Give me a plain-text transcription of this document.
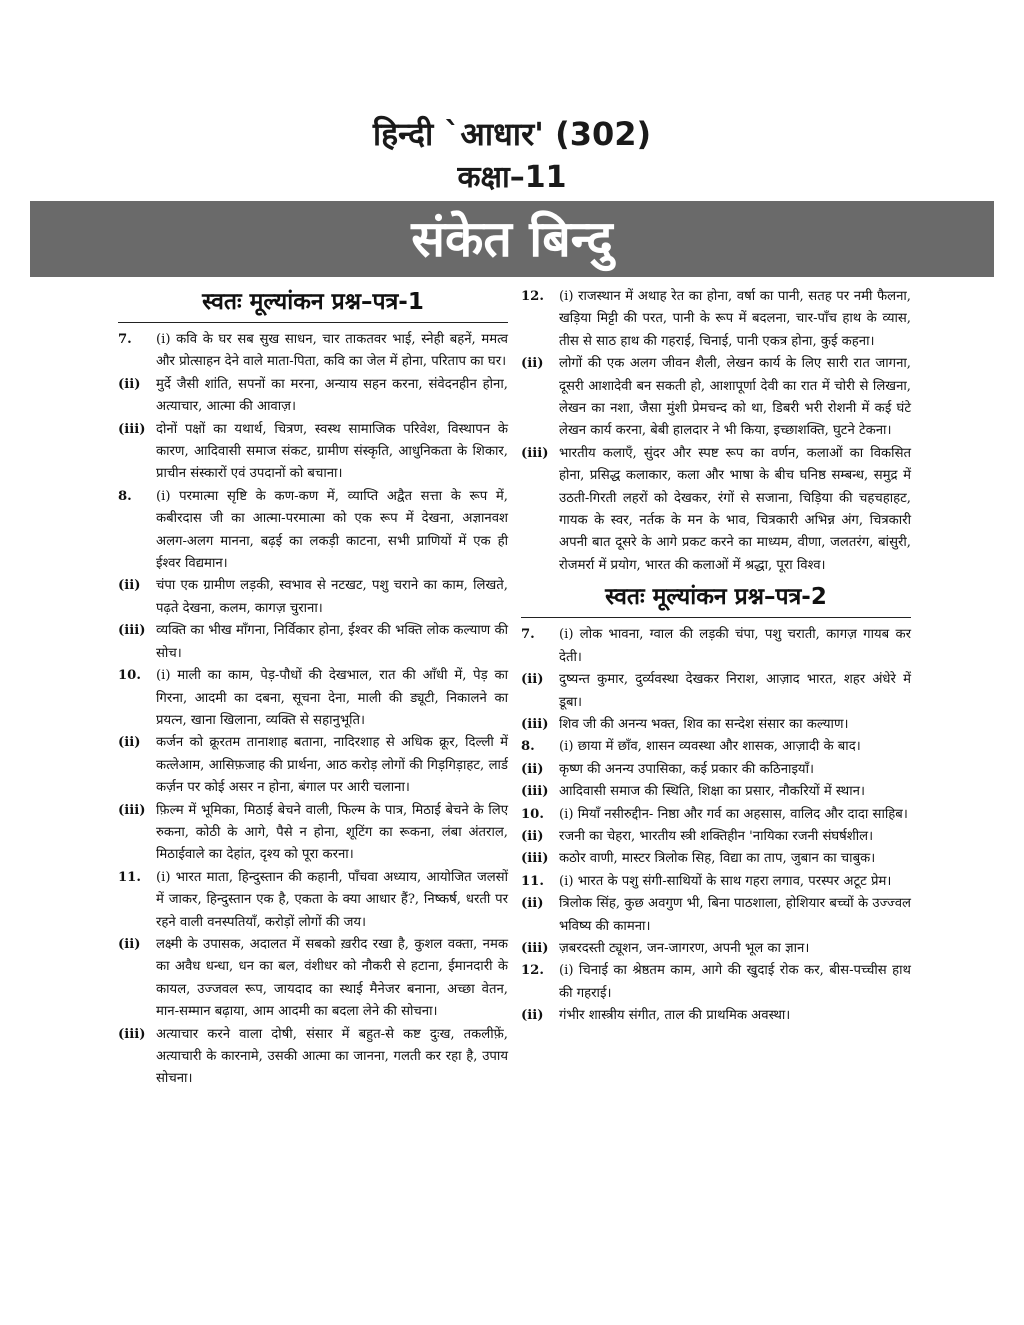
हिन्दी `आधार' (302)
कक्षा–11
संकेत बिन्दु
स्वतः मूल्यांकन प्रश्न–पत्र-1
7.	(i) कवि के घर सब सुख साधन, चार ताकतवर भाई, स्नेही बहनें, ममत्व और प्रोत्साहन देने वाले माता-पिता, कवि का जेल में होना, परिताप का घर।
(ii)	मुर्दे जैसी शांति, सपनों का मरना, अन्याय सहन करना, संवेदनहीन होना, अत्याचार, आत्मा की आवाज़।
(iii) दोनों पक्षों का यथार्थ, चित्रण, स्वस्थ सामाजिक परिवेश, विस्थापन के कारण, आदिवासी समाज संकट, ग्रामीण संस्कृति, आधुनिकता के शिकार, प्राचीन संस्कारों एवं उपदानों को बचाना।
8.	(i) परमात्मा सृष्टि के कण-कण में, व्याप्ति अद्वैत सत्ता के रूप में, कबीरदास जी का आत्मा-परमात्मा को एक रूप में देखना, अज्ञानवश अलग-अलग मानना, बढ़ई का लकड़ी काटना, सभी प्राणियों में एक ही ईश्वर विद्यमान।
(ii)	चंपा एक ग्रामीण लड़की, स्वभाव से नटखट, पशु चराने का काम, लिखते, पढ़ते देखना, कलम, कागज़ चुराना।
(iii) व्यक्ति का भीख माँगना, निर्विकार होना, ईश्वर की भक्ति लोक कल्याण की सोच।
10.	(i) माली का काम, पेड़-पौधों की देखभाल, रात की आँधी में, पेड़ का गिरना, आदमी का दबना, सूचना देना, माली की ड्यूटी, निकालने का प्रयत्न, खाना खिलाना, व्यक्ति से सहानुभूति।
(ii)	कर्जन को क्रूरतम तानाशाह बताना, नादिरशाह से अधिक क्रूर, दिल्ली में कत्लेआम, आसिफ़जाह की प्रार्थना, आठ करोड़ लोगों की गिड़गिड़ाहट, लार्ड कर्ज़न पर कोई असर न होना, बंगाल पर आरी चलाना।
(iii) फ़िल्म में भूमिका, मिठाई बेचने वाली, फिल्म के पात्र, मिठाई बेचने के लिए रुकना, कोठी के आगे, पैसे न होना, शूटिंग का रूकना, लंबा अंतराल, मिठाईवाले का देहांत, दृश्य को पूरा करना।
11.	(i) भारत माता, हिन्दुस्तान की कहानी, पाँचवा अध्याय, आयोजित जलसों में जाकर, हिन्दुस्तान एक है, एकता के क्या आधार हैं?, निष्कर्ष, धरती पर रहने वाली वनस्पतियाँ, करोड़ों लोगों की जय।
(ii)	लक्ष्मी के उपासक, अदालत में सबको ख़रीद रखा है, कुशल वक्ता, नमक का अवैध धन्धा, धन का बल, वंशीधर को नौकरी से हटाना, ईमानदारी के कायल, उज्जवल रूप, जायदाद का स्थाई मैनेजर बनाना, अच्छा वेतन, मान-सम्मान बढ़ाया, आम आदमी का बदला लेने की सोचना।
(iii) अत्याचार करने वाला दोषी, संसार में बहुत-से कष्ट दुःख, तकलीफ़ें, अत्याचारी के कारनामे, उसकी आत्मा का जानना, गलती कर रहा है, उपाय सोचना।
12.	(i) राजस्थान में अथाह रेत का होना, वर्षा का पानी, सतह पर नमी फैलना, खड़िया मिट्टी की परत, पानी के रूप में बदलना, चार-पाँच हाथ के व्यास, तीस से साठ हाथ की गहराई, चिनाई, पानी एकत्र होना, कुई कहना।
(ii)	लोगों की एक अलग जीवन शैली, लेखन कार्य के लिए सारी रात जागना, दूसरी आशादेवी बन सकती हो, आशापूर्णा देवी का रात में चोरी से लिखना, लेखन का नशा, जैसा मुंशी प्रेमचन्द को था, डिबरी भरी रोशनी में कई घंटे लेखन कार्य करना, बेबी हालदार ने भी किया, इच्छाशक्ति, घुटने टेकना।
(iii) भारतीय कलाएँ, सुंदर और स्पष्ट रूप का वर्णन, कलाओं का विकसित होना, प्रसिद्ध कलाकार, कला और भाषा के बीच घनिष्ठ सम्बन्ध, समुद्र में उठती-गिरती लहरों को देखकर, रंगों से सजाना, चिड़िया की चहचहाहट, गायक के स्वर, नर्तक के मन के भाव, चित्रकारी अभिन्न अंग, चित्रकारी अपनी बात दूसरे के आगे प्रकट करने का माध्यम, वीणा, जलतरंग, बांसुरी, रोजमर्रा में प्रयोग, भारत की कलाओं में श्रद्धा, पूरा विश्व।
स्वतः मूल्यांकन प्रश्न–पत्र-2
7.	(i) लोक भावना, ग्वाल की लड़की चंपा, पशु चराती, कागज़ गायब कर देती।
(ii)	दुष्यन्त कुमार, दुर्व्यवस्था देखकर निराश, आज़ाद भारत, शहर अंधेरे में डूबा।
(iii) शिव जी की अनन्य भक्त, शिव का सन्देश संसार का कल्याण।
8.	(i) छाया में छाँव, शासन व्यवस्था और शासक, आज़ादी के बाद।
(ii)	कृष्ण की अनन्य उपासिका, कई प्रकार की कठिनाइयाँ।
(iii) आदिवासी समाज की स्थिति, शिक्षा का प्रसार, नौकरियों में स्थान।
10.	(i) मियाँ नसीरुद्दीन- निष्ठा और गर्व का अहसास, वालिद और दादा साहिब।
(ii)	रजनी का चेहरा, भारतीय स्त्री शक्तिहीन 'नायिका रजनी संघर्षशील।
(iii) कठोर वाणी, मास्टर त्रिलोक सिह, विद्या का ताप, जुबान का चाबुक।
11.	(i) भारत के पशु संगी-साथियों के साथ गहरा लगाव, परस्पर अटूट प्रेम।
(ii)	त्रिलोक सिंह, कुछ अवगुण भी, बिना पाठशाला, होशियार बच्चों के उज्ज्वल भविष्य की कामना।
(iii) ज़बरदस्ती ट्यूशन, जन-जागरण, अपनी भूल का ज्ञान।
12.	(i) चिनाई का श्रेष्ठतम काम, आगे की खुदाई रोक कर, बीस-पच्चीस हाथ की गहराई।
(ii)	गंभीर शास्त्रीय संगीत, ताल की प्राथमिक अवस्था।
